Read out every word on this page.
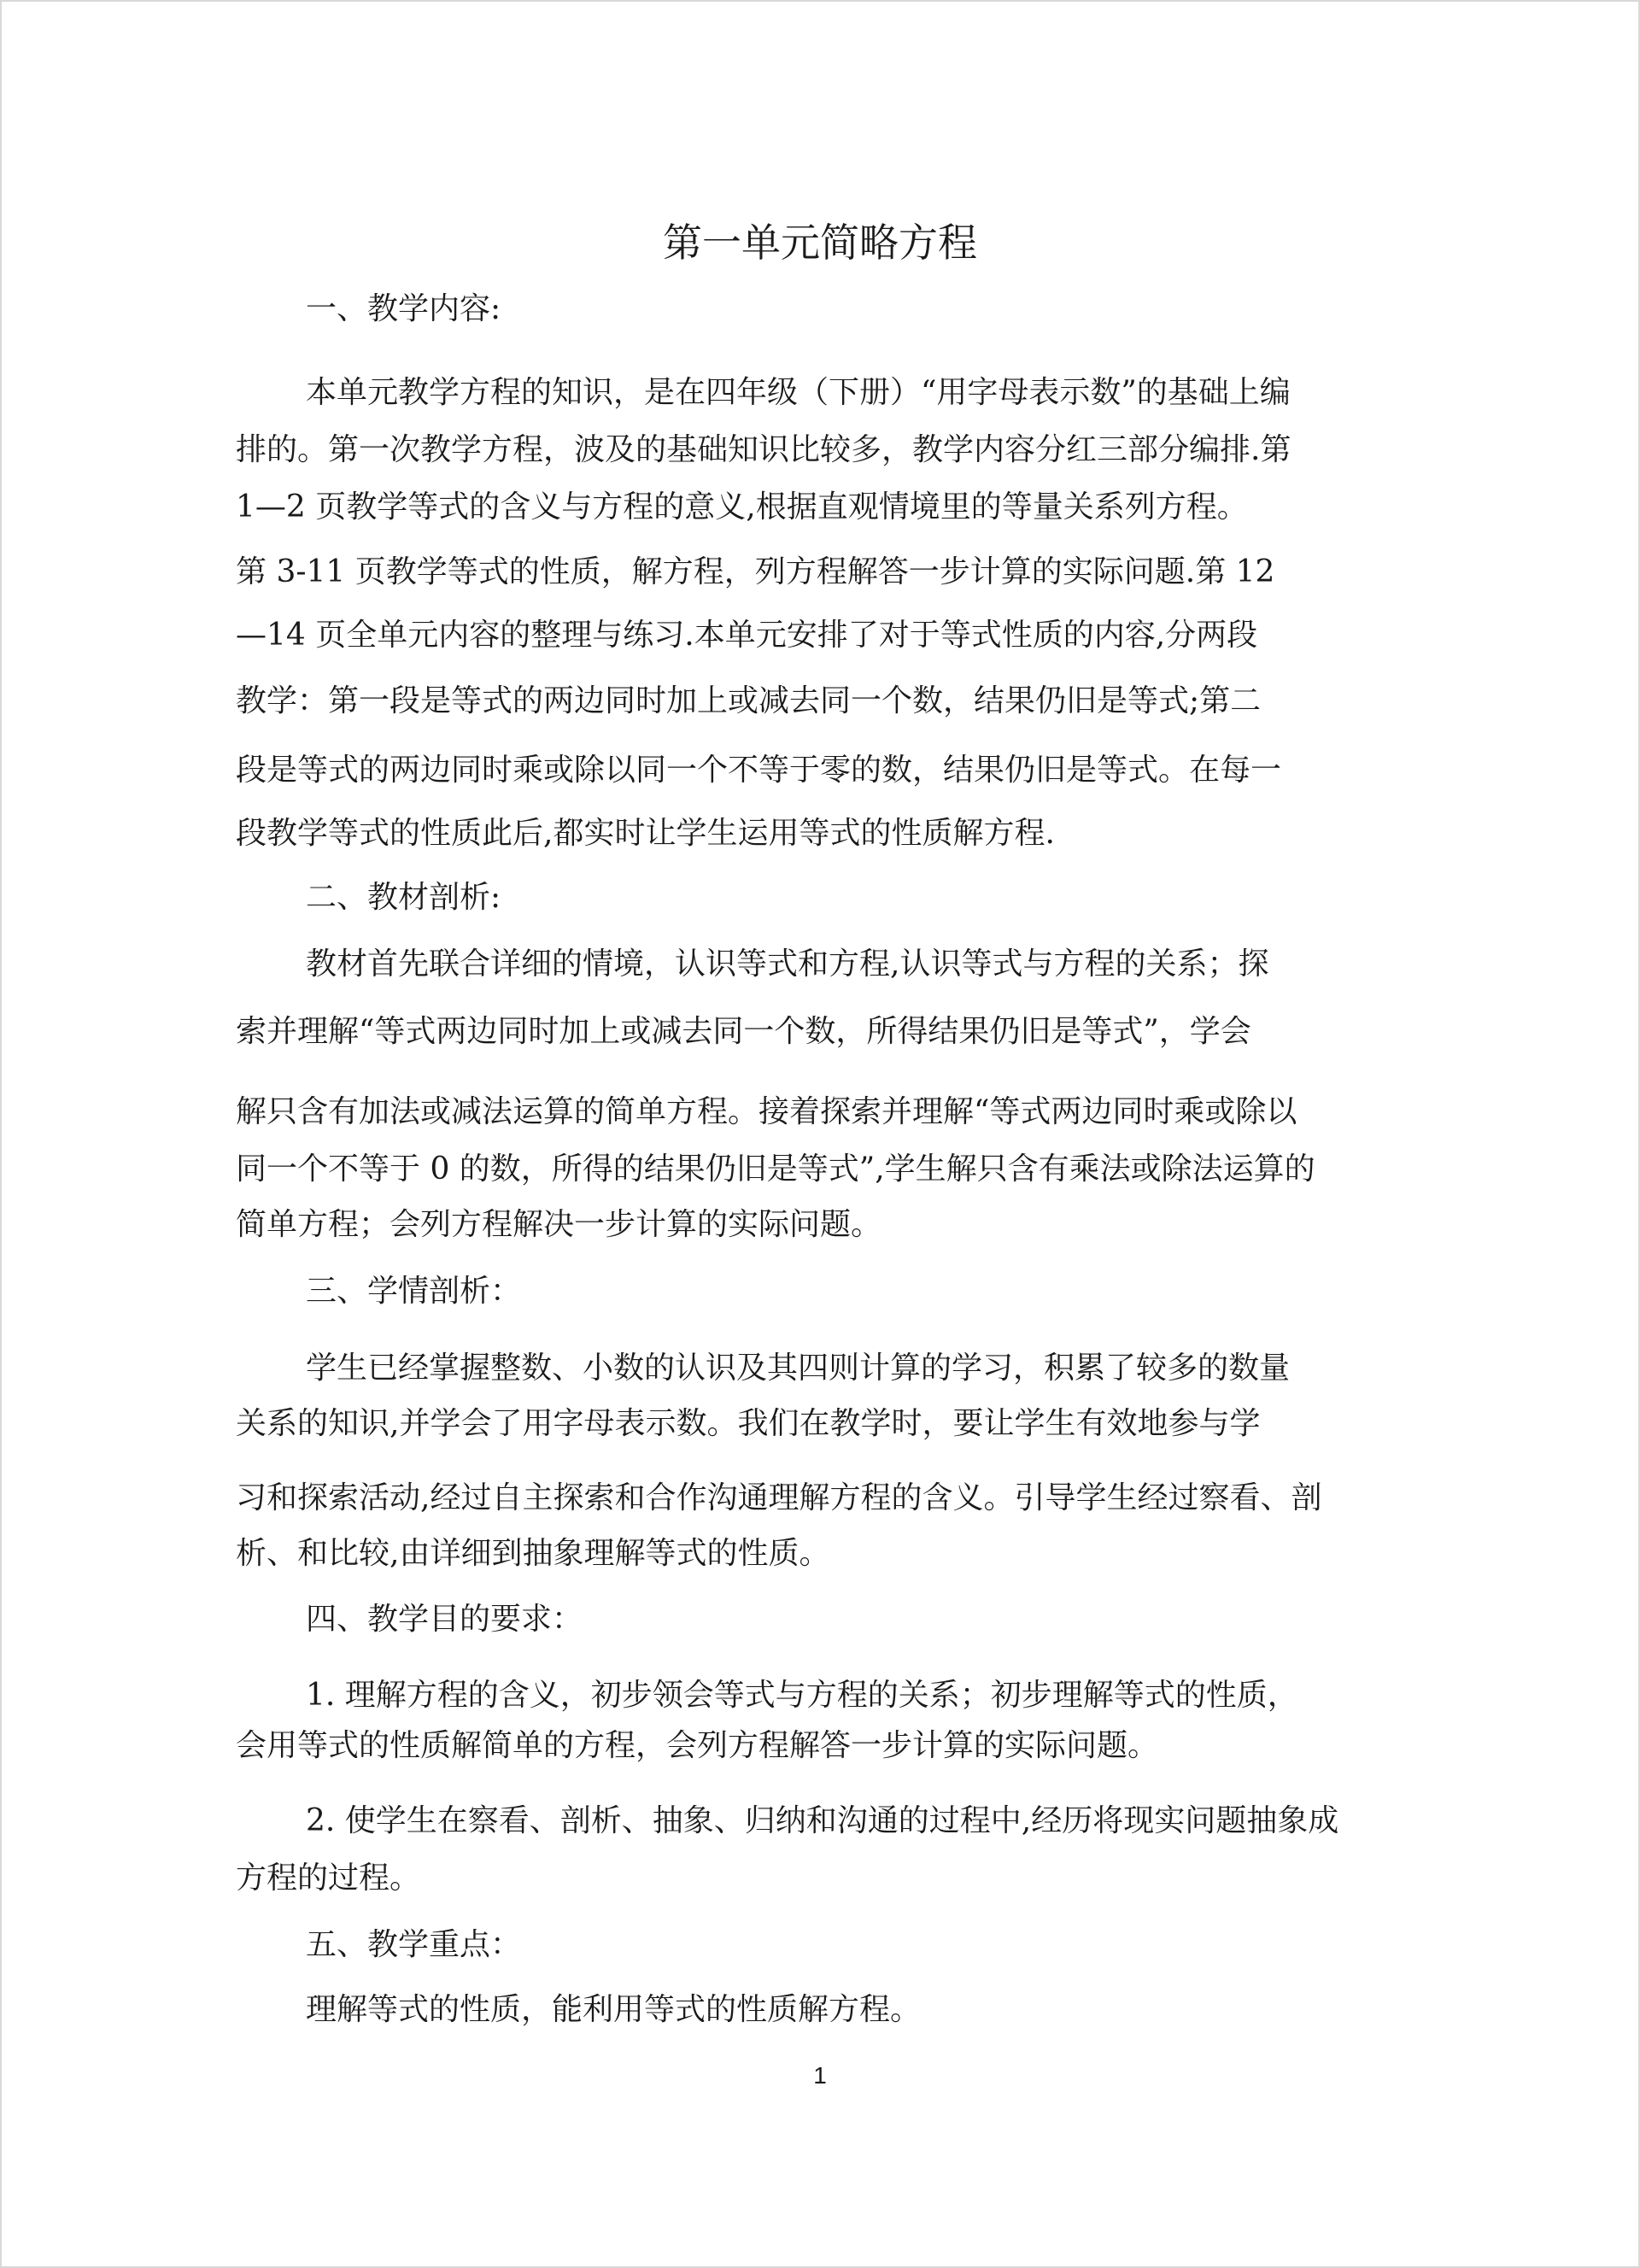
第一单元简略方程
一、教学内容:
本单元教学方程的知识，是在四年级（下册）“用字母表示数”的基础上编
排的。第一次教学方程，波及的基础知识比较多，教学内容分红三部分编排.第
1—2 页教学等式的含义与方程的意义,根据直观情境里的等量关系列方程。
第 3-11 页教学等式的性质，解方程，列方程解答一步计算的实际问题.第 12
—14 页全单元内容的整理与练习.本单元安排了对于等式性质的内容,分两段
教学：第一段是等式的两边同时加上或减去同一个数，结果仍旧是等式;第二
段是等式的两边同时乘或除以同一个不等于零的数，结果仍旧是等式。在每一
段教学等式的性质此后,都实时让学生运用等式的性质解方程.
二、教材剖析:
教材首先联合详细的情境，认识等式和方程,认识等式与方程的关系；探
索并理解“等式两边同时加上或减去同一个数，所得结果仍旧是等式”，学会
解只含有加法或减法运算的简单方程。接着探索并理解“等式两边同时乘或除以
同一个不等于 0 的数，所得的结果仍旧是等式”,学生解只含有乘法或除法运算的
简单方程；会列方程解决一步计算的实际问题。
三、学情剖析：
学生已经掌握整数、小数的认识及其四则计算的学习，积累了较多的数量
关系的知识,并学会了用字母表示数。我们在教学时，要让学生有效地参与学
习和探索活动,经过自主探索和合作沟通理解方程的含义。引导学生经过察看、剖
析、和比较,由详细到抽象理解等式的性质。
四、教学目的要求：
1. 理解方程的含义，初步领会等式与方程的关系；初步理解等式的性质，
会用等式的性质解简单的方程，会列方程解答一步计算的实际问题。
2. 使学生在察看、剖析、抽象、归纳和沟通的过程中,经历将现实问题抽象成
方程的过程。
五、教学重点：
理解等式的性质，能利用等式的性质解方程。
1
